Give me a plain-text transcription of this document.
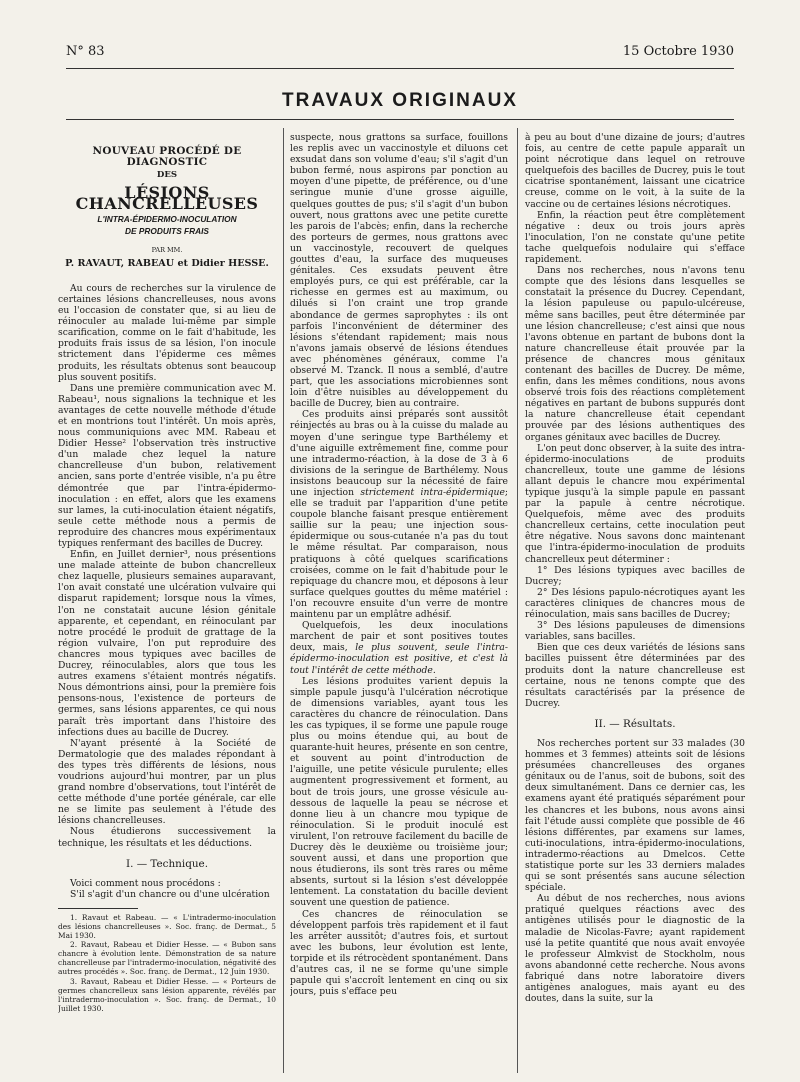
N° 83	15 Octobre 1930
TRAVAUX ORIGINAUX
NOUVEAU PROCÉDÉ DE DIAGNOSTIC
DES
LÉSIONS CHANCRELLEUSES
L'INTRA-ÉPIDERMO-INOCULATION
DE PRODUITS FRAIS
PAR MM.
P. RAVAUT, RABEAU et Didier HESSE.

Au cours de recherches sur la virulence de certaines lésions chancrelleuses, nous avons eu l'occasion de constater que, si au lieu de réinoculer au malade lui-même par simple scarification, comme on le fait d'habitude, les produits frais issus de sa lésion, l'on inocule strictement dans l'épiderme ces mêmes produits, les résultats obtenus sont beaucoup plus souvent positifs.

Dans une première communication avec M. Rabeau¹, nous signalions la technique et les avantages de cette nouvelle méthode d'étude et en montrions tout l'intérêt. Un mois après, nous communiquions avec MM. Rabeau et Didier Hesse² l'observation très instructive d'un malade chez lequel la nature chancrelleuse d'un bubon, relativement ancien, sans porte d'entrée visible, n'a pu être démontrée que par l'intra-épidermo-inoculation : en effet, alors que les examens sur lames, la cuti-inoculation étaient négatifs, seule cette méthode nous a permis de reproduire des chancres mous expérimentaux typiques renfermant des bacilles de Ducrey.

Enfin, en Juillet dernier³, nous présentions une malade atteinte de bubon chancrelleux chez laquelle, plusieurs semaines auparavant, l'on avait constaté une ulcération vulvaire qui disparut rapidement; lorsque nous la vîmes, l'on ne constatait aucune lésion génitale apparente, et cependant, en réinoculant par notre procédé le produit de grattage de la région vulvaire, l'on put reproduire des chancres mous typiques avec bacilles de Ducrey, réinoculables, alors que tous les autres examens s'étaient montrés négatifs. Nous démontrions ainsi, pour la première fois pensons-nous, l'existence de porteurs de germes, sans lésions apparentes, ce qui nous paraît très important dans l'histoire des infections dues au bacille de Ducrey.

N'ayant présenté à la Société de Dermatologie que des malades répondant à des types très différents de lésions, nous voudrions aujourd'hui montrer, par un plus grand nombre d'observations, tout l'intérêt de cette méthode d'une portée générale, car elle ne se limite pas seulement à l'étude des lésions chancrelleuses.

Nous étudierons successivement la technique, les résultats et les déductions.

I. — Technique.

Voici comment nous procédons :

S'il s'agit d'un chancre ou d'une ulcération

1. Ravaut et Rabeau. — « L'intradermo-inoculation des lésions chancrelleuses ». Soc. franç. de Dermat., 5 Mai 1930.

2. Ravaut, Rabeau et Didier Hesse. — « Bubon sans chancre à évolution lente. Démonstration de sa nature chancrelleuse par l'intradermo-inoculation, négativité des autres procédés ». Soc. franç. de Dermat., 12 Juin 1930.

3. Ravaut, Rabeau et Didier Hesse. — « Porteurs de germes chancrelleux sans lésion apparente, révélés par l'intradermo-inoculation ». Soc. franç. de Dermat., 10 Juillet 1930.

suspecte, nous grattons sa surface, fouillons les replis avec un vaccinostyle et diluons cet exsudat dans son volume d'eau; s'il s'agit d'un bubon fermé, nous aspirons par ponction au moyen d'une pipette, de préférence, ou d'une seringue munie d'une grosse aiguille, quelques gouttes de pus; s'il s'agit d'un bubon ouvert, nous grattons avec une petite curette les parois de l'abcès; enfin, dans la recherche des porteurs de germes, nous grattons avec un vaccinostyle, recouvert de quelques gouttes d'eau, la surface des muqueuses génitales. Ces exsudats peuvent être employés purs, ce qui est préférable, car la richesse en germes est au maximum, ou dilués si l'on craint une trop grande abondance de germes saprophytes : ils ont parfois l'inconvénient de déterminer des lésions s'étendant rapidement; mais nous n'avons jamais observé de lésions étendues avec phénomènes généraux, comme l'a observé M. Tzanck. Il nous a semblé, d'autre part, que les associations microbiennes sont loin d'être nuisibles au développement du bacille de Ducrey, bien au contraire.

Ces produits ainsi préparés sont aussitôt réinjectés au bras ou à la cuisse du malade au moyen d'une seringue type Barthélemy et d'une aiguille extrêmement fine, comme pour une intradermo-réaction, à la dose de 3 à 6 divisions de la seringue de Barthélemy. Nous insistons beaucoup sur la nécessité de faire une injection strictement intra-épidermique; elle se traduit par l'apparition d'une petite coupole blanche faisant presque entièrement saillie sur la peau; une injection sous-épidermique ou sous-cutanée n'a pas du tout le même résultat. Par comparaison, nous pratiquons à côté quelques scarifications croisées, comme on le fait d'habitude pour le repiquage du chancre mou, et déposons à leur surface quelques gouttes du même matériel : l'on recouvre ensuite d'un verre de montre maintenu par un emplâtre adhésif.

Quelquefois, les deux inoculations marchent de pair et sont positives toutes deux, mais, le plus souvent, seule l'intra-épidermo-inoculation est positive, et c'est là tout l'intérêt de cette méthode.

Les lésions produites varient depuis la simple papule jusqu'à l'ulcération nécrotique de dimensions variables, ayant tous les caractères du chancre de réinoculation. Dans les cas typiques, il se forme une papule rouge plus ou moins étendue qui, au bout de quarante-huit heures, présente en son centre, et souvent au point d'introduction de l'aiguille, une petite vésicule purulente; elles augmentent progressivement et forment, au bout de trois jours, une grosse vésicule au-dessous de laquelle la peau se nécrose et donne lieu à un chancre mou typique de réinoculation. Si le produit inoculé est virulent, l'on retrouve facilement du bacille de Ducrey dès le deuxième ou troisième jour; souvent aussi, et dans une proportion que nous étudierons, ils sont très rares ou même absents, surtout si la lésion s'est développée lentement. La constatation du bacille devient souvent une question de patience.

Ces chancres de réinoculation se développent parfois très rapidement et il faut les arrêter aussitôt; d'autres fois, et surtout avec les bubons, leur évolution est lente, torpide et ils rétrocèdent spontanément. Dans d'autres cas, il ne se forme qu'une simple papule qui s'accroît lentement en cinq ou six jours, puis s'efface peu

à peu au bout d'une dizaine de jours; d'autres fois, au centre de cette papule apparaît un point nécrotique dans lequel on retrouve quelquefois des bacilles de Ducrey, puis le tout cicatrise spontanément, laissant une cicatrice creuse, comme on le voit, à la suite de la vaccine ou de certaines lésions nécrotiques.

Enfin, la réaction peut être complètement négative : deux ou trois jours après l'inoculation, l'on ne constate qu'une petite tache quelquefois nodulaire qui s'efface rapidement.

Dans nos recherches, nous n'avons tenu compte que des lésions dans lesquelles se constatait la présence du Ducrey. Cependant, la lésion papuleuse ou papulo-ulcéreuse, même sans bacilles, peut être déterminée par une lésion chancrelleuse; c'est ainsi que nous l'avons obtenue en partant de bubons dont la nature chancrelleuse était prouvée par la présence de chancres mous génitaux contenant des bacilles de Ducrey. De même, enfin, dans les mêmes conditions, nous avons observé trois fois des réactions complètement négatives en partant de bubons suppurés dont la nature chancrelleuse était cependant prouvée par des lésions authentiques des organes génitaux avec bacilles de Ducrey.

L'on peut donc observer, à la suite des intra-épidermo-inoculations de produits chancrelleux, toute une gamme de lésions allant depuis le chancre mou expérimental typique jusqu'à la simple papule en passant par la papule à centre nécrotique. Quelquefois, même avec des produits chancrelleux certains, cette inoculation peut être négative. Nous savons donc maintenant que l'intra-épidermo-inoculation de produits chancrelleux peut déterminer :

1° Des lésions typiques avec bacilles de Ducrey;

2° Des lésions papulo-nécrotiques ayant les caractères cliniques de chancres mous de réinoculation, mais sans bacilles de Ducrey;

3° Des lésions papuleuses de dimensions variables, sans bacilles.

Bien que ces deux variétés de lésions sans bacilles puissent être déterminées par des produits dont la nature chancrelleuse est certaine, nous ne tenons compte que des résultats caractérisés par la présence de Ducrey.

II. — Résultats.

Nos recherches portent sur 33 malades (30 hommes et 3 femmes) atteints soit de lésions présumées chancrelleuses des organes génitaux ou de l'anus, soit de bubons, soit des deux simultanément. Dans ce dernier cas, les examens ayant été pratiqués séparément pour les chancres et les bubons, nous avons ainsi fait l'étude aussi complète que possible de 46 lésions différentes, par examens sur lames, cuti-inoculations, intra-épidermo-inoculations, intradermo-réactions au Dmelcos. Cette statistique porte sur les 33 derniers malades qui se sont présentés sans aucune sélection spéciale.

Au début de nos recherches, nous avions pratiqué quelques réactions avec des antigènes utilisés pour le diagnostic de la maladie de Nicolas-Favre; ayant rapidement usé la petite quantité que nous avait envoyée le professeur Almkvist de Stockholm, nous avons abandonné cette recherche. Nous avons fabriqué dans notre laboratoire divers antigènes analogues, mais ayant eu des doutes, dans la suite, sur la
